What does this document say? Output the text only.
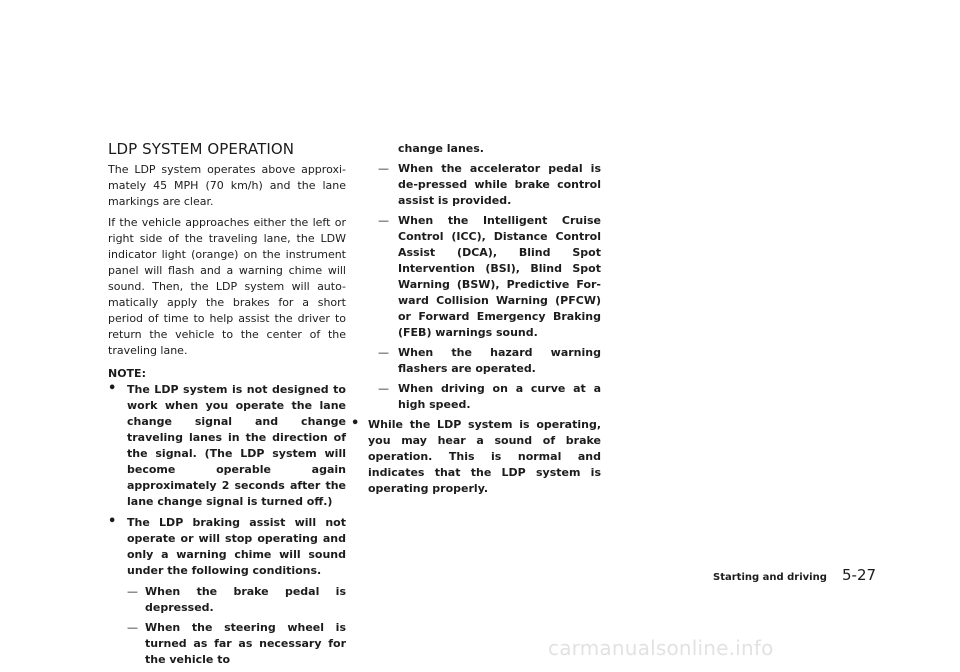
LDP SYSTEM OPERATION

The LDP system operates above approxi-mately 45 MPH (70 km/h) and the lane markings are clear.

If the vehicle approaches either the left or right side of the traveling lane, the LDW indicator light (orange) on the instrument panel will flash and a warning chime will sound. Then, the LDP system will auto-matically apply the brakes for a short period of time to help assist the driver to return the vehicle to the center of the traveling lane.

NOTE:
• The LDP system is not designed to work when you operate the lane change signal and change traveling lanes in the direction of the signal. (The LDP system will become operable again approximately 2 seconds after the lane change signal is turned off.)
• The LDP braking assist will not operate or will stop operating and only a warning chime will sound under the following conditions.
— When the brake pedal is depressed.
— When the steering wheel is turned as far as necessary for the vehicle to
change lanes.
— When the accelerator pedal is de-pressed while brake control assist is provided.
— When the Intelligent Cruise Control (ICC), Distance Control Assist (DCA), Blind Spot Intervention (BSI), Blind Spot Warning (BSW), Predictive For-ward Collision Warning (PFCW) or Forward Emergency Braking (FEB) warnings sound.
— When the hazard warning flashers are operated.
— When driving on a curve at a high speed.
• While the LDP system is operating, you may hear a sound of brake operation. This is normal and indicates that the LDP system is operating properly.
Starting and driving 5-27
carmanualsonline.info
